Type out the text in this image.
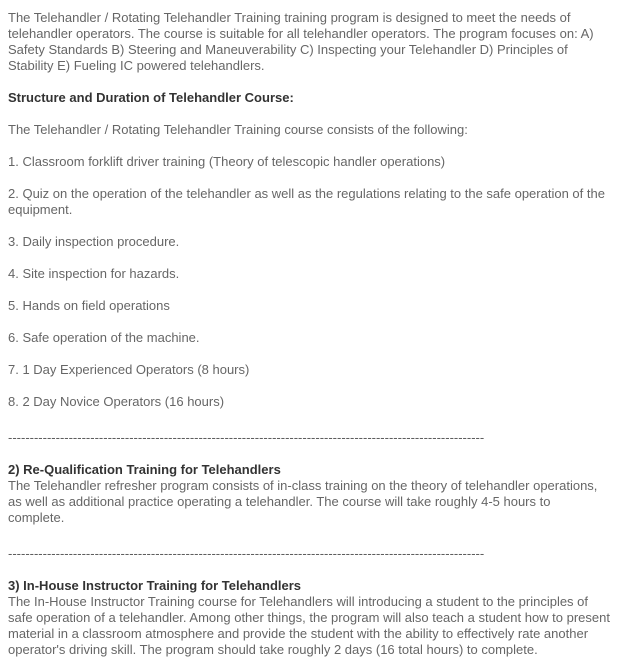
The Telehandler / Rotating Telehandler Training training program is designed to meet the needs of telehandler operators. The course is suitable for all telehandler operators. The program focuses on: A) Safety Standards B) Steering and Maneuverability C) Inspecting your Telehandler D) Principles of Stability E) Fueling IC powered telehandlers.

Structure and Duration of Telehandler Course:

The Telehandler / Rotating Telehandler Training course consists of the following:

1. Classroom forklift driver training (Theory of telescopic handler operations)

2. Quiz on the operation of the telehandler as well as the regulations relating to the safe operation of the equipment.

3. Daily inspection procedure.

4. Site inspection for hazards.

5. Hands on field operations

6. Safe operation of the machine.

7. 1 Day Experienced Operators (8 hours)

8. 2 Day Novice Operators (16 hours)

--------------------------------------------------------------------------------------------------------------

2) Re-Qualification Training for Telehandlers
The Telehandler refresher program consists of in-class training on the theory of telehandler operations, as well as additional practice operating a telehandler. The course will take roughly 4-5 hours to complete.

--------------------------------------------------------------------------------------------------------------

3) In-House Instructor Training for Telehandlers
The In-House Instructor Training course for Telehandlers will introducing a student to the principles of safe operation of a telehandler. Among other things, the program will also teach a student how to present material in a classroom atmosphere and provide the student with the ability to effectively rate another operator's driving skill. The program should take roughly 2 days (16 total hours) to complete.
